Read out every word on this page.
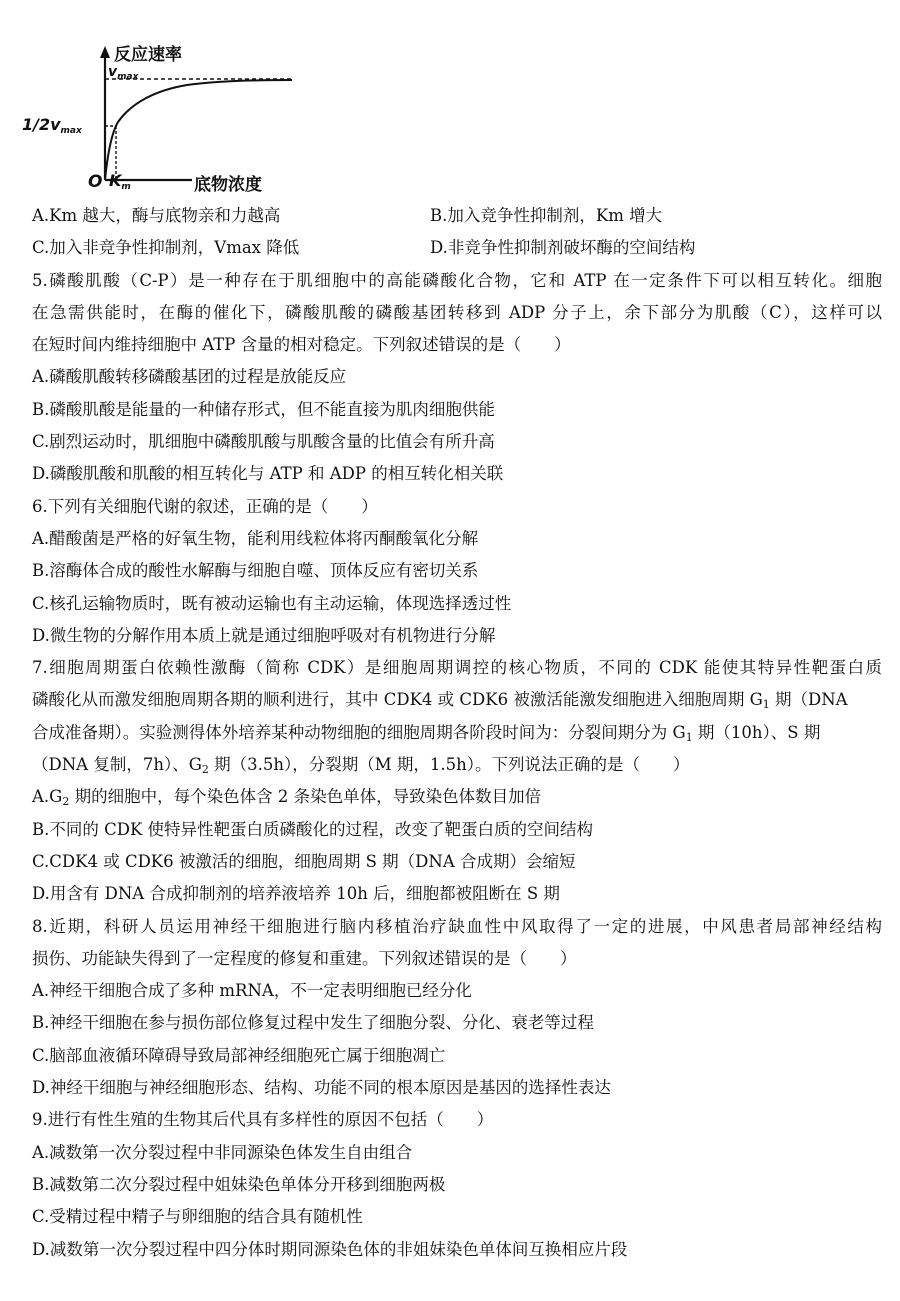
反应速率
$v_{max}$
1/2vmax
O Km	底物浓度
A.Km 越大，酶与底物亲和力越高	B.加入竞争性抑制剂，Km 增大
C.加入非竞争性抑制剂，Vmax 降低	D.非竞争性抑制剂破坏酶的空间结构
5.磷酸肌酸（C-P）是一种存在于肌细胞中的高能磷酸化合物，它和 ATP 在一定条件下可以相互转化。细胞
在急需供能时，在酶的催化下，磷酸肌酸的磷酸基团转移到 ADP 分子上，余下部分为肌酸（C），这样可以
在短时间内维持细胞中 ATP 含量的相对稳定。下列叙述错误的是（　　）
A.磷酸肌酸转移磷酸基团的过程是放能反应
B.磷酸肌酸是能量的一种储存形式，但不能直接为肌肉细胞供能
C.剧烈运动时，肌细胞中磷酸肌酸与肌酸含量的比值会有所升高
D.磷酸肌酸和肌酸的相互转化与 ATP 和 ADP 的相互转化相关联
6.下列有关细胞代谢的叙述，正确的是（　　）
A.醋酸菌是严格的好氧生物，能利用线粒体将丙酮酸氧化分解
B.溶酶体合成的酸性水解酶与细胞自噬、顶体反应有密切关系
C.核孔运输物质时，既有被动运输也有主动运输，体现选择透过性
D.微生物的分解作用本质上就是通过细胞呼吸对有机物进行分解
7.细胞周期蛋白依赖性激酶（简称 CDK）是细胞周期调控的核心物质，不同的 CDK 能使其特异性靶蛋白质
磷酸化从而激发细胞周期各期的顺利进行，其中 CDK4 或 CDK6 被激活能激发细胞进入细胞周期 $G_1$ 期（DNA
合成准备期）。实验测得体外培养某种动物细胞的细胞周期各阶段时间为：分裂间期分为 $G_1$ 期（10h）、S 期
（DNA 复制，7h）、$G_2$ 期（3.5h），分裂期（M 期，1.5h）。下列说法正确的是（　　）
$A.G_2$ 期的细胞中，每个染色体含 2 条染色单体，导致染色体数目加倍
B.不同的 CDK 使特异性靶蛋白质磷酸化的过程，改变了靶蛋白质的空间结构
C.CDK4 或 CDK6 被激活的细胞，细胞周期 S 期（DNA 合成期）会缩短
D.用含有 DNA 合成抑制剂的培养液培养 10h 后，细胞都被阻断在 S 期
8.近期，科研人员运用神经干细胞进行脑内移植治疗缺血性中风取得了一定的进展，中风患者局部神经结构
损伤、功能缺失得到了一定程度的修复和重建。下列叙述错误的是（　　）
A.神经干细胞合成了多种 mRNA，不一定表明细胞已经分化
B.神经干细胞在参与损伤部位修复过程中发生了细胞分裂、分化、衰老等过程
C.脑部血液循环障碍导致局部神经细胞死亡属于细胞凋亡
D.神经干细胞与神经细胞形态、结构、功能不同的根本原因是基因的选择性表达
9.进行有性生殖的生物其后代具有多样性的原因不包括（　　）
A.减数第一次分裂过程中非同源染色体发生自由组合
B.减数第二次分裂过程中姐妹染色单体分开移到细胞两极
C.受精过程中精子与卵细胞的结合具有随机性
D.减数第一次分裂过程中四分体时期同源染色体的非姐妹染色单体间互换相应片段
